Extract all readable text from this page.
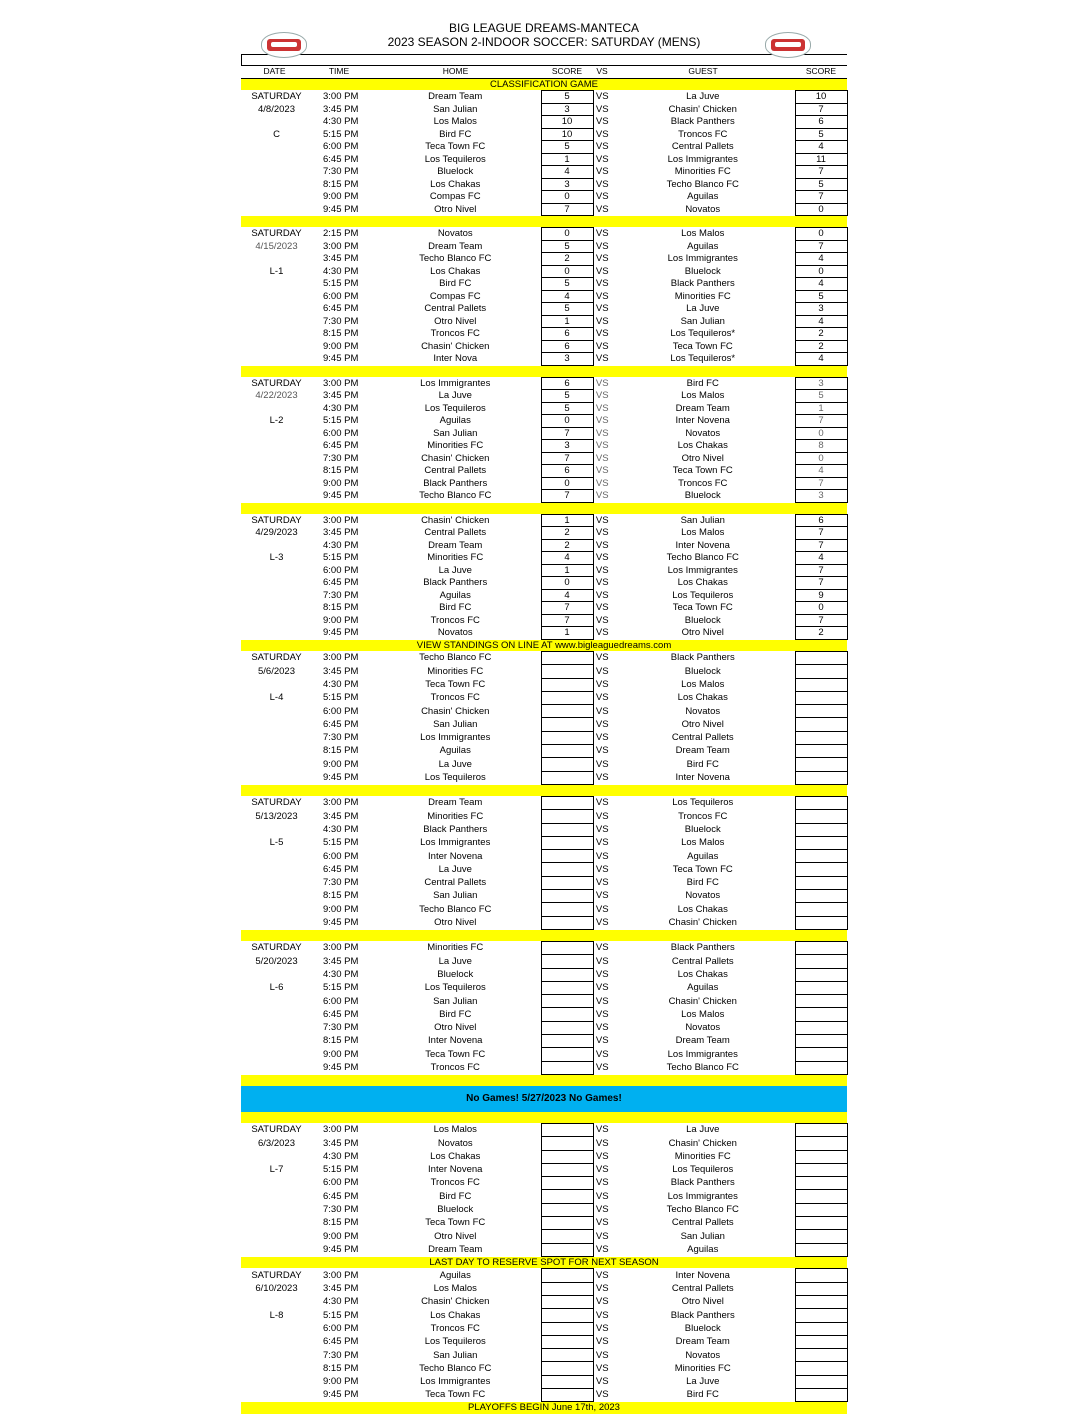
BIG LEAGUE DREAMS-MANTECA
2023 SEASON 2-INDOOR SOCCER: SATURDAY (MENS)
DATE	TIME	HOME	SCORE	VS	GUEST	SCORE
CLASSIFICATION GAME						
SATURDAY	3:00 PM	Dream Team	5	VS	La Juve	10
4/8/2023	3:45 PM	San Julian	3	VS	Chasin' Chicken	7
	4:30 PM	Los Malos	10	VS	Black Panthers	6
C	5:15 PM	Bird FC	10	VS	Troncos FC	5
	6:00 PM	Teca Town FC	5	VS	Central Pallets	4
	6:45 PM	Los Tequileros	1	VS	Los Immigrantes	11
	7:30 PM	Bluelock	4	VS	Minorities FC	7
	8:15 PM	Los Chakas	3	VS	Techo Blanco FC	5
	9:00 PM	Compas FC	0	VS	Aguilas	7
	9:45 PM	Otro Nivel	7	VS	Novatos	0

SATURDAY	2:15 PM	Novatos	0	VS	Los Malos	0
4/15/2023	3:00 PM	Dream Team	5	VS	Aguilas	7
	3:45 PM	Techo Blanco FC	2	VS	Los Immigrantes	4
L-1	4:30 PM	Los Chakas	0	VS	Bluelock	0
	5:15 PM	Bird FC	5	VS	Black Panthers	4
	6:00 PM	Compas FC	4	VS	Minorities FC	5
	6:45 PM	Central Pallets	5	VS	La Juve	3
	7:30 PM	Otro Nivel	1	VS	San Julian	4
	8:15 PM	Troncos FC	6	VS	Los Tequileros*	2
	9:00 PM	Chasin' Chicken	6	VS	Teca Town FC	2
	9:45 PM	Inter Nova	3	VS	Los Tequileros*	4

SATURDAY	3:00 PM	Los Immigrantes	6	VS	Bird FC	3
4/22/2023	3:45 PM	La Juve	5	VS	Los Malos	5
	4:30 PM	Los Tequileros	5	VS	Dream Team	1
L-2	5:15 PM	Aguilas	0	VS	Inter Novena	7
	6:00 PM	San Julian	7	VS	Novatos	0
	6:45 PM	Minorities FC	3	VS	Los Chakas	8
	7:30 PM	Chasin' Chicken	7	VS	Otro Nivel	0
	8:15 PM	Central Pallets	6	VS	Teca Town FC	4
	9:00 PM	Black Panthers	0	VS	Troncos FC	7
	9:45 PM	Techo Blanco FC	7	VS	Bluelock	3

SATURDAY	3:00 PM	Chasin' Chicken	1	VS	San Julian	6
4/29/2023	3:45 PM	Central Pallets	2	VS	Los Malos	7
	4:30 PM	Dream Team	2	VS	Inter Novena	7
L-3	5:15 PM	Minorities FC	4	VS	Techo Blanco FC	4
	6:00 PM	La Juve	1	VS	Los Immigrantes	7
	6:45 PM	Black Panthers	0	VS	Los Chakas	7
	7:30 PM	Aguilas	4	VS	Los Tequileros	9
	8:15 PM	Bird FC	7	VS	Teca Town FC	0
	9:00 PM	Troncos FC	7	VS	Bluelock	7
	9:45 PM	Novatos	1	VS	Otro Nivel	2
VIEW STANDINGS ON LINE AT www.bigleaguedreams.com						
SATURDAY	3:00 PM	Techo Blanco FC		VS	Black Panthers	
5/6/2023	3:45 PM	Minorities FC		VS	Bluelock	
	4:30 PM	Teca Town FC		VS	Los Malos	
L-4	5:15 PM	Troncos FC		VS	Los Chakas	
	6:00 PM	Chasin' Chicken		VS	Novatos	
	6:45 PM	San Julian		VS	Otro Nivel	
	7:30 PM	Los Immigrantes		VS	Central Pallets	
	8:15 PM	Aguilas		VS	Dream Team	
	9:00 PM	La Juve		VS	Bird FC	
	9:45 PM	Los Tequileros		VS	Inter Novena	

SATURDAY	3:00 PM	Dream Team		VS	Los Tequileros	
5/13/2023	3:45 PM	Minorities FC		VS	Troncos FC	
	4:30 PM	Black Panthers		VS	Bluelock	
L-5	5:15 PM	Los Immigrantes		VS	Los Malos	
	6:00 PM	Inter Novena		VS	Aguilas	
	6:45 PM	La Juve		VS	Teca Town FC	
	7:30 PM	Central Pallets		VS	Bird FC	
	8:15 PM	San Julian		VS	Novatos	
	9:00 PM	Techo Blanco FC		VS	Los Chakas	
	9:45 PM	Otro Nivel		VS	Chasin' Chicken	

SATURDAY	3:00 PM	Minorities FC		VS	Black Panthers	
5/20/2023	3:45 PM	La Juve		VS	Central Pallets	
	4:30 PM	Bluelock		VS	Los Chakas	
L-6	5:15 PM	Los Tequileros		VS	Aguilas	
	6:00 PM	San Julian		VS	Chasin' Chicken	
	6:45 PM	Bird FC		VS	Los Malos	
	7:30 PM	Otro Nivel		VS	Novatos	
	8:15 PM	Inter Novena		VS	Dream Team	
	9:00 PM	Teca Town FC		VS	Los Immigrantes	
	9:45 PM	Troncos FC		VS	Techo Blanco FC	

No Games! 5/27/2023 No Games!						

SATURDAY	3:00 PM	Los Malos		VS	La Juve	
6/3/2023	3:45 PM	Novatos		VS	Chasin' Chicken	
	4:30 PM	Los Chakas		VS	Minorities FC	
L-7	5:15 PM	Inter Novena		VS	Los Tequileros	
	6:00 PM	Troncos FC		VS	Black Panthers	
	6:45 PM	Bird FC		VS	Los Immigrantes	
	7:30 PM	Bluelock		VS	Techo Blanco FC	
	8:15 PM	Teca Town FC		VS	Central Pallets	
	9:00 PM	Otro Nivel		VS	San Julian	
	9:45 PM	Dream Team		VS	Aguilas	
LAST DAY TO RESERVE SPOT FOR NEXT SEASON						
SATURDAY	3:00 PM	Aguilas		VS	Inter Novena	
6/10/2023	3:45 PM	Los Malos		VS	Central Pallets	
	4:30 PM	Chasin' Chicken		VS	Otro Nivel	
L-8	5:15 PM	Los Chakas		VS	Black Panthers	
	6:00 PM	Troncos FC		VS	Bluelock	
	6:45 PM	Los Tequileros		VS	Dream Team	
	7:30 PM	San Julian		VS	Novatos	
	8:15 PM	Techo Blanco FC		VS	Minorities FC	
	9:00 PM	Los Immigrantes		VS	La Juve	
	9:45 PM	Teca Town FC		VS	Bird FC	
PLAYOFFS BEGIN June 17th, 2023						
